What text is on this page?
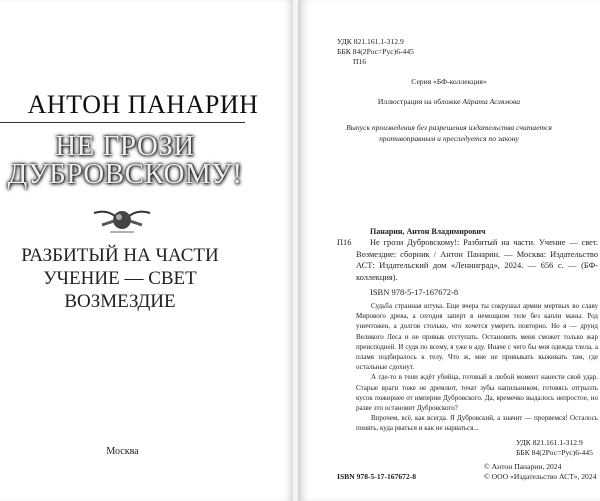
АНТОН ПАНАРИН
НЕ ГРОЗИ
ДУБРОВСКОМУ!
РАЗБИТЫЙ НА ЧАСТИ
УЧЕНИЕ — СВЕТ
ВОЗМЕЗДИЕ
Москва
УДК 821.161.1-312.9
ББК 84(2Рос=Рус)6-445
П16
Серия «БФ-коллекция»
Иллюстрация на обложке Айрата Аслямова
Выпуск произведения без разрешения издательства считается
противоправным и преследуется по закону
Панарин, Антон Владимирович
П16	Не грози Дубровскому!: Разбитый на части. Учение — свет. Возмездие: сборник / Антон Панарин. — Москва: Издательство АСТ: Издательский дом «Ленинград», 2024. — 656 с. — (БФ-коллекция).
ISBN 978-5-17-167672-8
Судьба странная штука. Еще вчера ты сокрушал армии мертвых во славу Мирового древа, а сегодня заперт в немощном теле без капли маны. Род уничтожен, а долгов столько, что хочется умереть повторно. Но я — друид Великого Леса и не привык отступать. Остановить меня сможет только жар преисподней. И судя по всему, я уже в аду. Иначе с чего бы моя одежда тлела, а пламя подбиралось к телу. Что ж, мне не привыкать выживать там, где остальные сдохнут.
А где-то в тени ждёт убийца, готовый в любой момент нанести свой удар. Старые враги тоже не дремлют, точат зубы напильником, готовясь отгрызть кусок пожирнее от империи Дубровского. Да, времечко выдалось непростое, но разве это остановит Дубровского?
Впрочем, всё, как всегда. Я Дубровский, а значит — прорвемся! Осталось понять, куда рваться и как не нарваться...
УДК 821.161.1-312.9
ББК 84(2Рос=Рус)6-445
ISBN 978-5-17-167672-8
© Антон Панарин, 2024
© ООО «Издательство АСТ», 2024
